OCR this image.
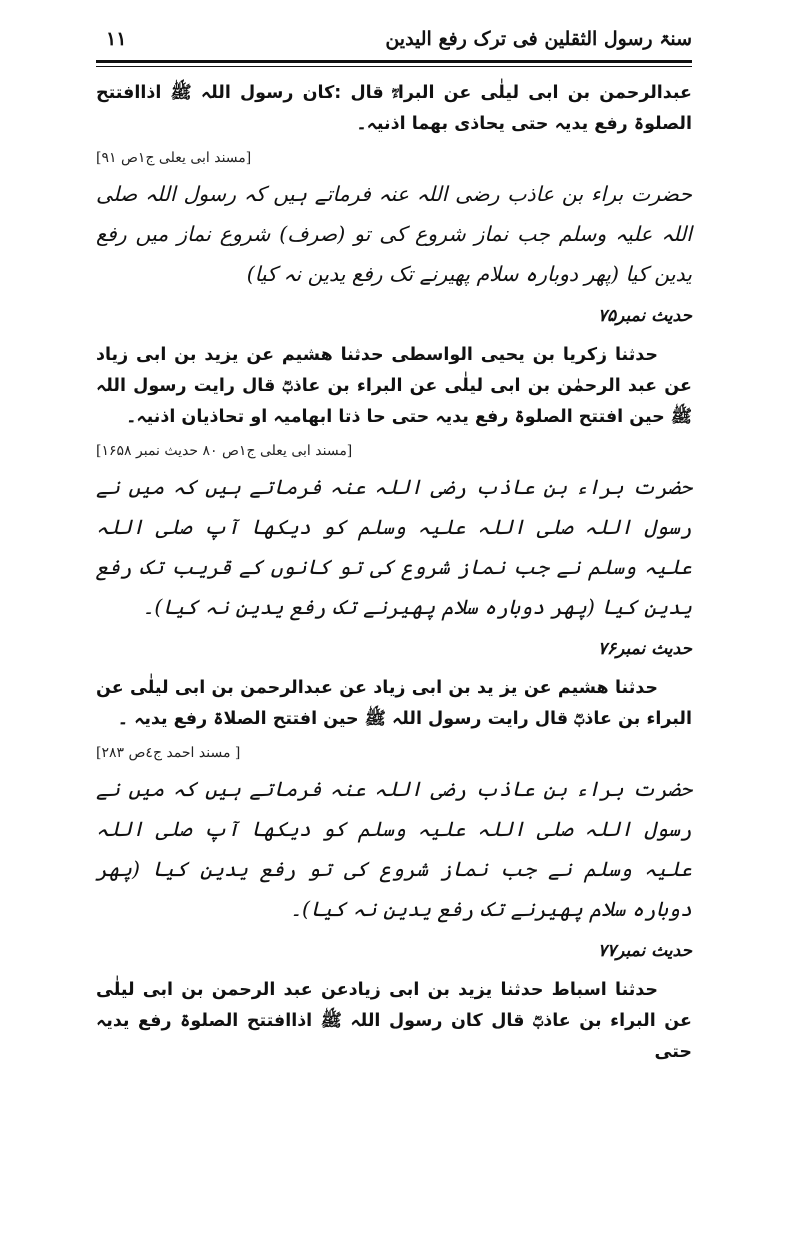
سنۃ رسول الثقلین فی ترک رفع الیدین
۱۱

عبدالرحمن بن ابی لیلٰی عن البراءؓ قال :کان رسول اللہ ﷺ اذاافتتح الصلوۃ رفع یدیہ حتی یحاذی بھما اذنیہ۔

[مسند ابی یعلی ج۱ص ۹۱]

حضرت براء بن عاذب رضی اللہ عنہ فرماتے ہیں کہ رسول اللہ صلی اللہ علیہ وسلم جب نماز شروع کی تو (صرف) شروع نماز میں رفع یدین کیا (پھر دوبارہ سلام پھیرنے تک رفع یدین نہ کیا)

حدیث نمبر۷۵

حدثنا زکریا بن یحیی الواسطی حدثنا ھشیم عن یزید بن ابی زیاد عن عبد الرحمٰن بن ابی لیلٰی عن البراء بن عاذبؓ قال رایت رسول اللہ ﷺ حین افتتح الصلوۃ رفع یدیہ حتی حا ذتا ابھامیہ او تحاذیان اذنیہ۔

[مسند ابی یعلی ج۱ص ۸۰ حدیث نمبر ۱۶۵۸]

حضرت براء بن عاذب رضی اللہ عنہ فرماتے ہیں کہ میں نے رسول اللہ صلی اللہ علیہ وسلم کو دیکھا آپ صلی اللہ علیہ وسلم نے جب نماز شروع کی تو کانوں کے قریب تک رفع یدین کیا (پھر دوبارہ سلام پھیرنے تک رفع یدین نہ کیا)۔

حدیث نمبر۷۶

حدثنا ھشیم عن یز ید بن ابی زیاد عن عبدالرحمن بن ابی لیلٰی عن البراء بن عاذبؓ قال رایت رسول اللہ ﷺ حین افتتح الصلاۃ رفع یدیہ ۔

[ مسند احمد ج٤ص ۲۸۳]

حضرت براء بن عاذب رضی اللہ عنہ فرماتے ہیں کہ میں نے رسول اللہ صلی اللہ علیہ وسلم کو دیکھا آپ صلی اللہ علیہ وسلم نے جب نماز شروع کی تو رفع یدین کیا (پھر دوبارہ سلام پھیرنے تک رفع یدین نہ کیا)۔

حدیث نمبر۷۷

حدثنا اسباط حدثنا یزید بن ابی زیادعن عبد الرحمن بن ابی لیلٰی عن البراء بن عاذبؓ قال کان رسول اللہ ﷺ اذاافتتح الصلوۃ رفع یدیہ حتی
